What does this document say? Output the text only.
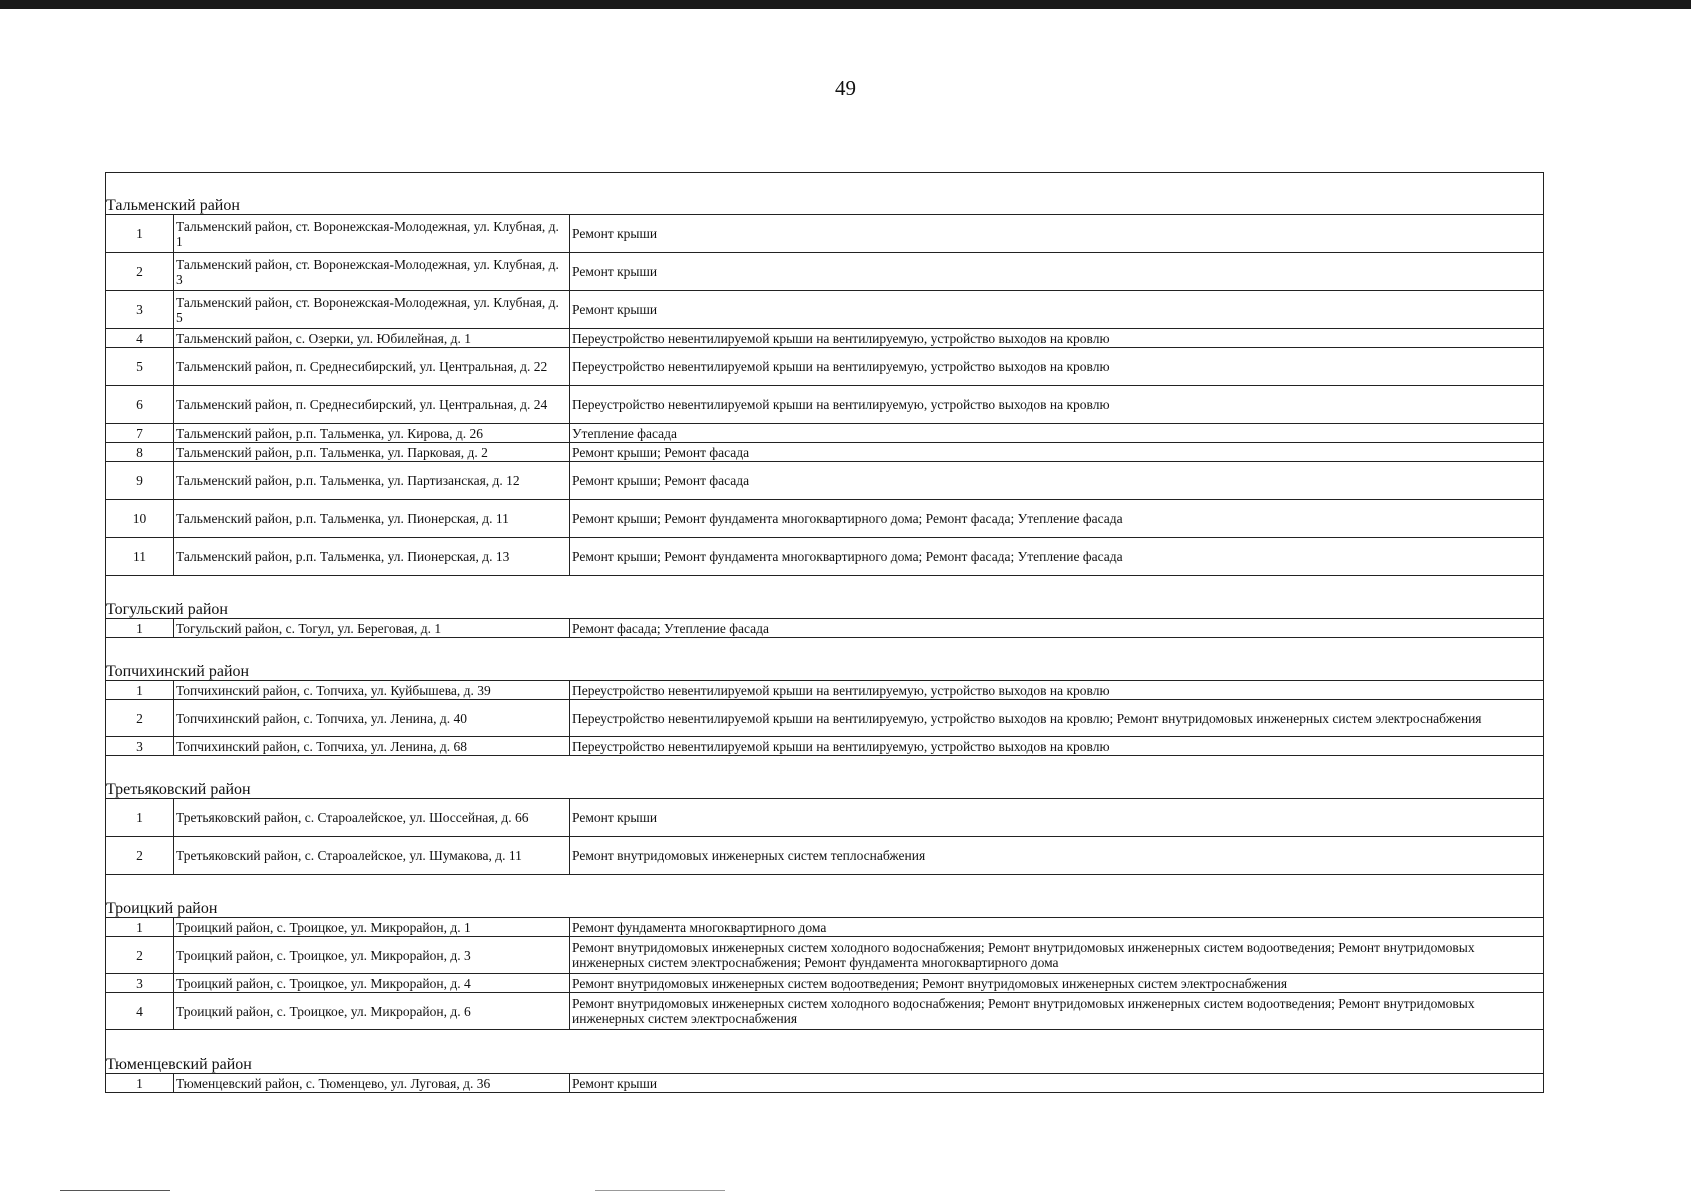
49
Тальменский район		
1	Тальменский район, ст. Воронежская-Молодежная, ул. Клубная, д. 1	Ремонт крыши
2	Тальменский район, ст. Воронежская-Молодежная, ул. Клубная, д. 3	Ремонт крыши
3	Тальменский район, ст. Воронежская-Молодежная, ул. Клубная, д. 5	Ремонт крыши
4	Тальменский район, с. Озерки, ул. Юбилейная, д. 1	Переустройство невентилируемой крыши на вентилируемую, устройство выходов на кровлю
5	Тальменский район, п. Среднесибирский, ул. Центральная, д. 22	Переустройство невентилируемой крыши на вентилируемую, устройство выходов на кровлю
6	Тальменский район, п. Среднесибирский, ул. Центральная, д. 24	Переустройство невентилируемой крыши на вентилируемую, устройство выходов на кровлю
7	Тальменский район, р.п. Тальменка, ул. Кирова, д. 26	Утепление фасада
8	Тальменский район, р.п. Тальменка, ул. Парковая, д. 2	Ремонт крыши; Ремонт фасада
9	Тальменский район, р.п. Тальменка, ул. Партизанская, д. 12	Ремонт крыши; Ремонт фасада
10	Тальменский район, р.п. Тальменка, ул. Пионерская, д. 11	Ремонт крыши; Ремонт фундамента многоквартирного дома; Ремонт фасада; Утепление фасада
11	Тальменский район, р.п. Тальменка, ул. Пионерская, д. 13	Ремонт крыши; Ремонт фундамента многоквартирного дома; Ремонт фасада; Утепление фасада
Тогульский район		
1	Тогульский район, с. Тогул, ул. Береговая, д. 1	Ремонт фасада; Утепление фасада
Топчихинский район		
1	Топчихинский район, с. Топчиха, ул. Куйбышева, д. 39	Переустройство невентилируемой крыши на вентилируемую, устройство выходов на кровлю
2	Топчихинский район, с. Топчиха, ул. Ленина, д. 40	Переустройство невентилируемой крыши на вентилируемую, устройство выходов на кровлю; Ремонт внутридомовых инженерных систем электроснабжения
3	Топчихинский район, с. Топчиха, ул. Ленина, д. 68	Переустройство невентилируемой крыши на вентилируемую, устройство выходов на кровлю
Третьяковский район		
1	Третьяковский район, с. Староалейское, ул. Шоссейная, д. 66	Ремонт крыши
2	Третьяковский район, с. Староалейское, ул. Шумакова, д. 11	Ремонт внутридомовых инженерных систем теплоснабжения
Троицкий район		
1	Троицкий район, с. Троицкое, ул. Микрорайон, д. 1	Ремонт фундамента многоквартирного дома
2	Троицкий район, с. Троицкое, ул. Микрорайон, д. 3	Ремонт внутридомовых инженерных систем холодного водоснабжения; Ремонт внутридомовых инженерных систем водоотведения; Ремонт внутридомовых инженерных систем электроснабжения; Ремонт фундамента многоквартирного дома
3	Троицкий район, с. Троицкое, ул. Микрорайон, д. 4	Ремонт внутридомовых инженерных систем водоотведения; Ремонт внутридомовых инженерных систем электроснабжения
4	Троицкий район, с. Троицкое, ул. Микрорайон, д. 6	Ремонт внутридомовых инженерных систем холодного водоснабжения; Ремонт внутридомовых инженерных систем водоотведения; Ремонт внутридомовых инженерных систем электроснабжения
Тюменцевский район		
1	Тюменцевский район, с. Тюменцево, ул. Луговая, д. 36	Ремонт крыши
